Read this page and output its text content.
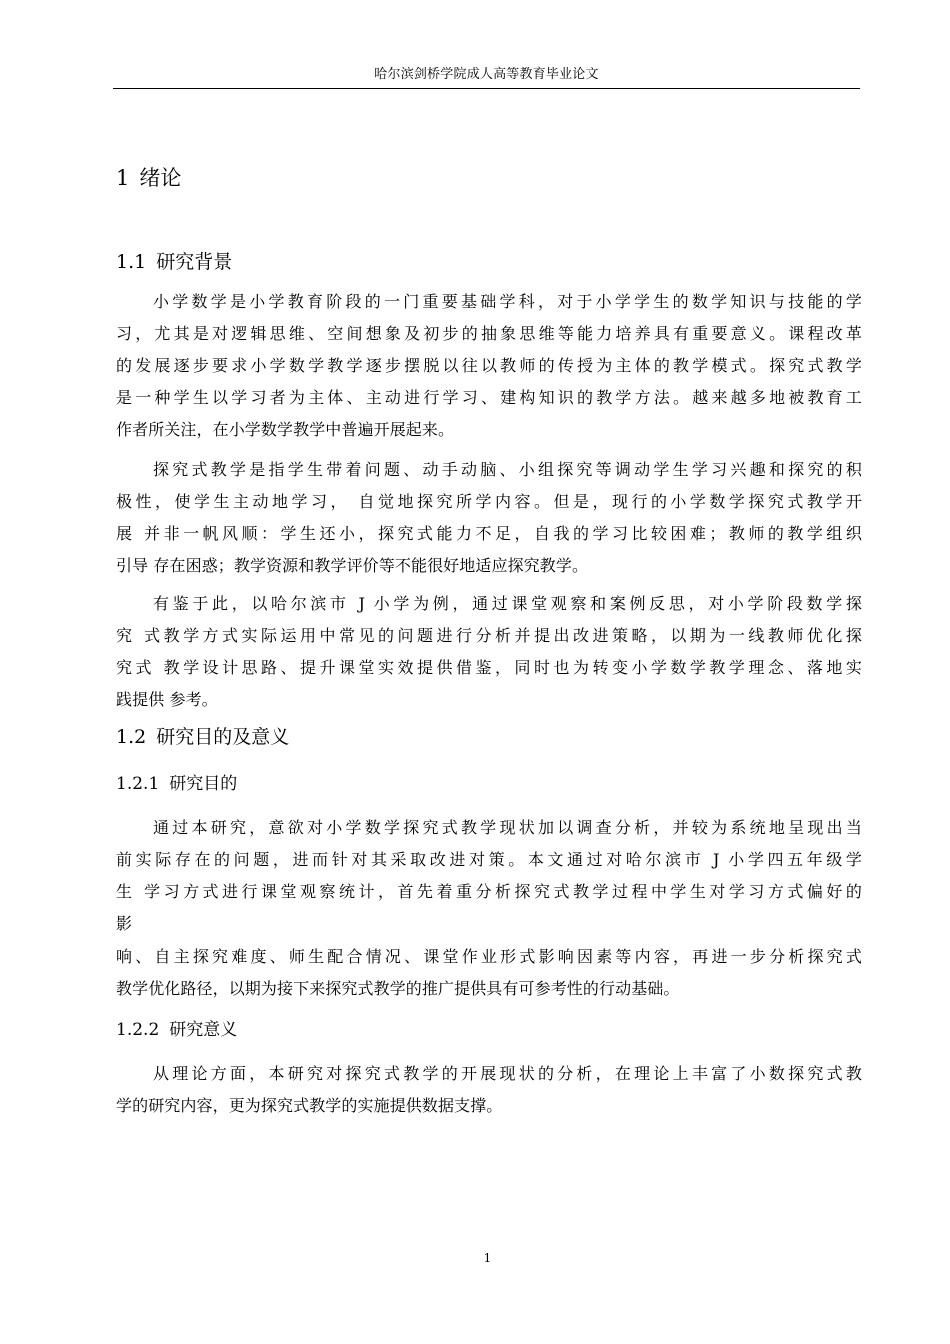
哈尔滨剑桥学院成人高等教育毕业论文
1 绪论
1.1 研究背景
小学数学是小学教育阶段的一门重要基础学科，对于小学学生的数学知识与技能的学
习，尤其是对逻辑思维、空间想象及初步的抽象思维等能力培养具有重要意义。课程改革
的发展逐步要求小学数学教学逐步摆脱以往以教师的传授为主体的教学模式。探究式教学
是一种学生以学习者为主体、主动进行学习、建构知识的教学方法。越来越多地被教育工
作者所关注，在小学数学教学中普遍开展起来。
探究式教学是指学生带着问题、动手动脑、小组探究等调动学生学习兴趣和探究的积
极性，使学生主动地学习， 自觉地探究所学内容。但是，现行的小学数学探究式教学开
展 并非一帆风顺：学生还小，探究式能力不足，自我的学习比较困难；教师的教学组织
引导 存在困惑；教学资源和教学评价等不能很好地适应探究教学。
有鉴于此，以哈尔滨市 J 小学为例，通过课堂观察和案例反思，对小学阶段数学探
究 式教学方式实际运用中常见的问题进行分析并提出改进策略，以期为一线教师优化探
究式 教学设计思路、提升课堂实效提供借鉴，同时也为转变小学数学教学理念、落地实
践提供 参考。
1.2 研究目的及意义
1.2.1 研究目的
通过本研究，意欲对小学数学探究式教学现状加以调查分析，并较为系统地呈现出当
前实际存在的问题，进而针对其采取改进对策。本文通过对哈尔滨市 J 小学四五年级学
生 学习方式进行课堂观察统计，首先着重分析探究式教学过程中学生对学习方式偏好的
影
响、自主探究难度、师生配合情况、课堂作业形式影响因素等内容，再进一步分析探究式
教学优化路径，以期为接下来探究式教学的推广提供具有可参考性的行动基础。
1.2.2 研究意义
从理论方面，本研究对探究式教学的开展现状的分析，在理论上丰富了小数探究式教
学的研究内容，更为探究式教学的实施提供数据支撑。
1
